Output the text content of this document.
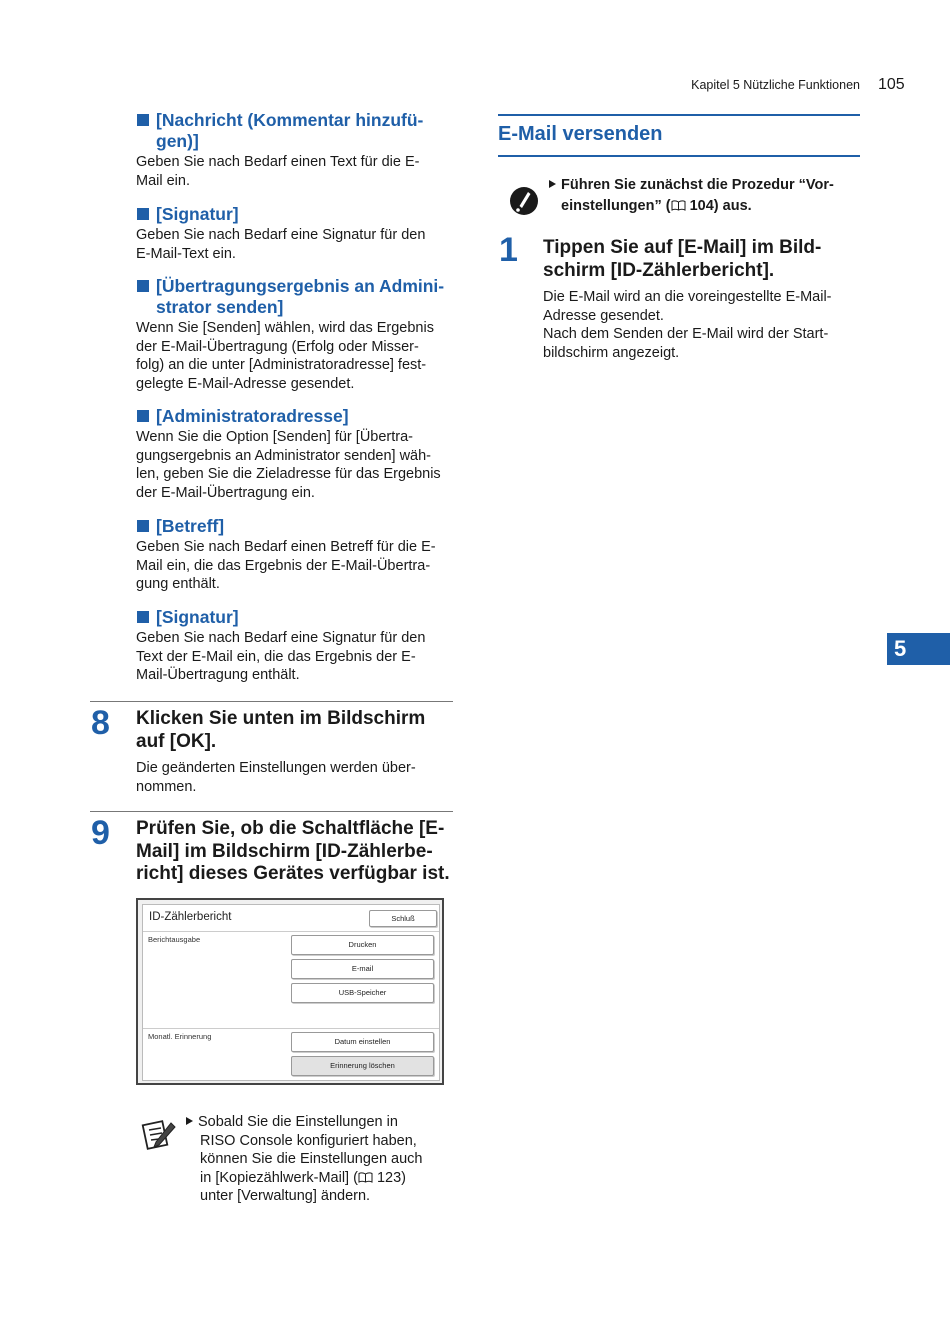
Kapitel 5 Nützliche Funktionen 105
5
[Nachricht (Kommentar hinzufü-
gen)]
Geben Sie nach Bedarf einen Text für die E-
Mail ein.
[Signatur]
Geben Sie nach Bedarf eine Signatur für den
E-Mail-Text ein.
[Übertragungsergebnis an Admini-
strator senden]
Wenn Sie [Senden] wählen, wird das Ergebnis
der E-Mail-Übertragung (Erfolg oder Misser-
folg) an die unter [Administratoradresse] fest-
gelegte E-Mail-Adresse gesendet.
[Administratoradresse]
Wenn Sie die Option [Senden] für [Übertra-
gungsergebnis an Administrator senden] wäh-
len, geben Sie die Zieladresse für das Ergebnis
der E-Mail-Übertragung ein.
[Betreff]
Geben Sie nach Bedarf einen Betreff für die E-
Mail ein, die das Ergebnis der E-Mail-Übertra-
gung enthält.
[Signatur]
Geben Sie nach Bedarf eine Signatur für den
Text der E-Mail ein, die das Ergebnis der E-
Mail-Übertragung enthält.
8 Klicken Sie unten im Bildschirm
auf [OK].
Die geänderten Einstellungen werden über-
nommen.
9 Prüfen Sie, ob die Schaltfläche [E-
Mail] im Bildschirm [ID-Zählerbe-
richt] dieses Gerätes verfügbar ist.
ID-Zählerbericht	Schluß
Berichtausgabe
Drucken
E-mail
USB-Speicher
Monatl. Erinnerung
Datum einstellen
Erinnerung löschen
Sobald Sie die Einstellungen in
RISO Console konfiguriert haben,
können Sie die Einstellungen auch
in [Kopiezählwerk-Mail] ( 123)
unter [Verwaltung] ändern.
E-Mail versenden
Führen Sie zunächst die Prozedur “Vor-
einstellungen” ( 104) aus.
1 Tippen Sie auf [E-Mail] im Bild-
schirm [ID-Zählerbericht].
Die E-Mail wird an die voreingestellte E-Mail-
Adresse gesendet.
Nach dem Senden der E-Mail wird der Start-
bildschirm angezeigt.
